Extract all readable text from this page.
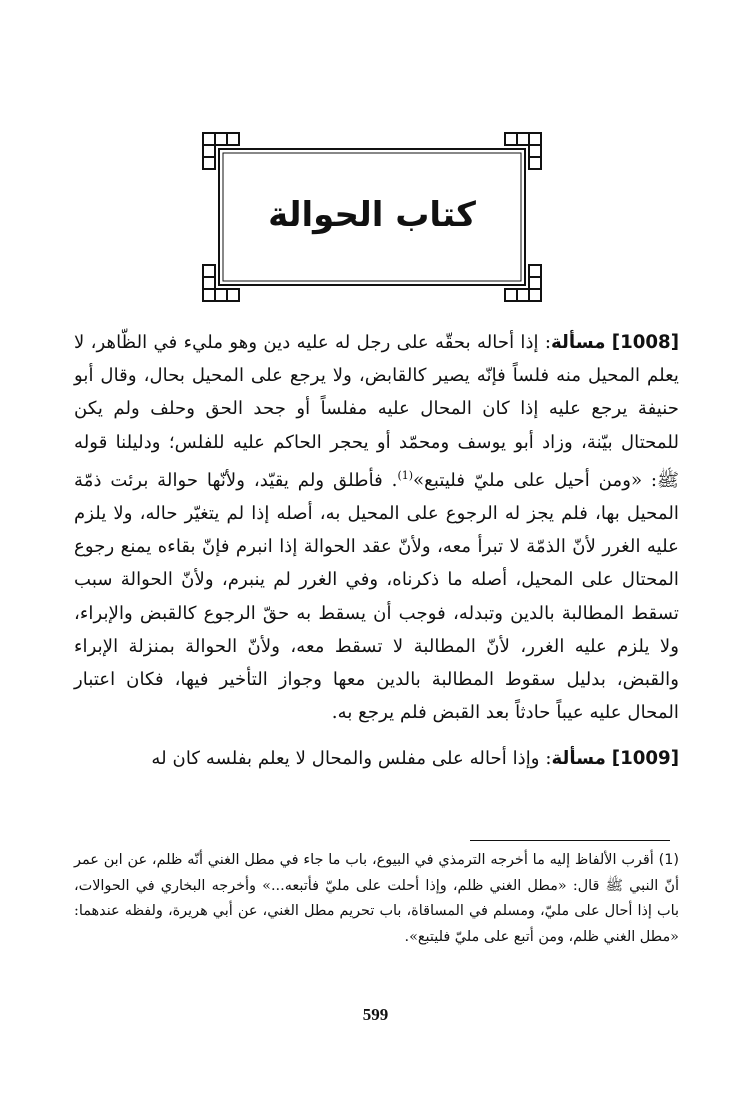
كتاب الحوالة

[1008] مسألة: إذا أحاله بحقّه على رجل له عليه دين وهو مليء في الظّاهر، لا يعلم المحيل منه فلساً فإنّه يصير كالقابض، ولا يرجع على المحيل بحال، وقال أبو حنيفة يرجع عليه إذا كان المحال عليه مفلساً أو جحد الحق وحلف ولم يكن للمحتال بيّنة، وزاد أبو يوسف ومحمّد أو يحجر الحاكم عليه للفلس؛ ودليلنا قوله ﷺ: «ومن أحيل على مليّ فليتبع»$^{(1)}$. فأطلق ولم يقيّد، ولأنّها حوالة برئت ذمّة المحيل بها، فلم يجز له الرجوع على المحيل به، أصله إذا لم يتغيّر حاله، ولا يلزم عليه الغرر لأنّ الذمّة لا تبرأ معه، ولأنّ عقد الحوالة إذا انبرم فإنّ بقاءه يمنع رجوع المحتال على المحيل، أصله ما ذكرناه، وفي الغرر لم ينبرم، ولأنّ الحوالة سبب تسقط المطالبة بالدين وتبدله، فوجب أن يسقط به حقّ الرجوع كالقبض والإبراء، ولا يلزم عليه الغرر، لأنّ المطالبة لا تسقط معه، ولأنّ الحوالة بمنزلة الإبراء والقبض، بدليل سقوط المطالبة بالدين معها وجواز التأخير فيها، فكان اعتبار المحال عليه عيباً حادثاً بعد القبض فلم يرجع به.

[1009] مسألة: وإذا أحاله على مفلس والمحال لا يعلم بفلسه كان له

(1) أقرب الألفاظ إليه ما أخرجه الترمذي في البيوع، باب ما جاء في مطل الغني أنّه ظلم، عن ابن عمر أنّ النبي ﷺ قال: «مطل الغني ظلم، وإذا أحلت على مليّ فأتبعه...» وأخرجه البخاري في الحوالات، باب إذا أحال على مليّ، ومسلم في المساقاة، باب تحريم مطل الغني، عن أبي هريرة، ولفظه عندهما: «مطل الغني ظلم، ومن أتبع على مليّ فليتبع».

599
